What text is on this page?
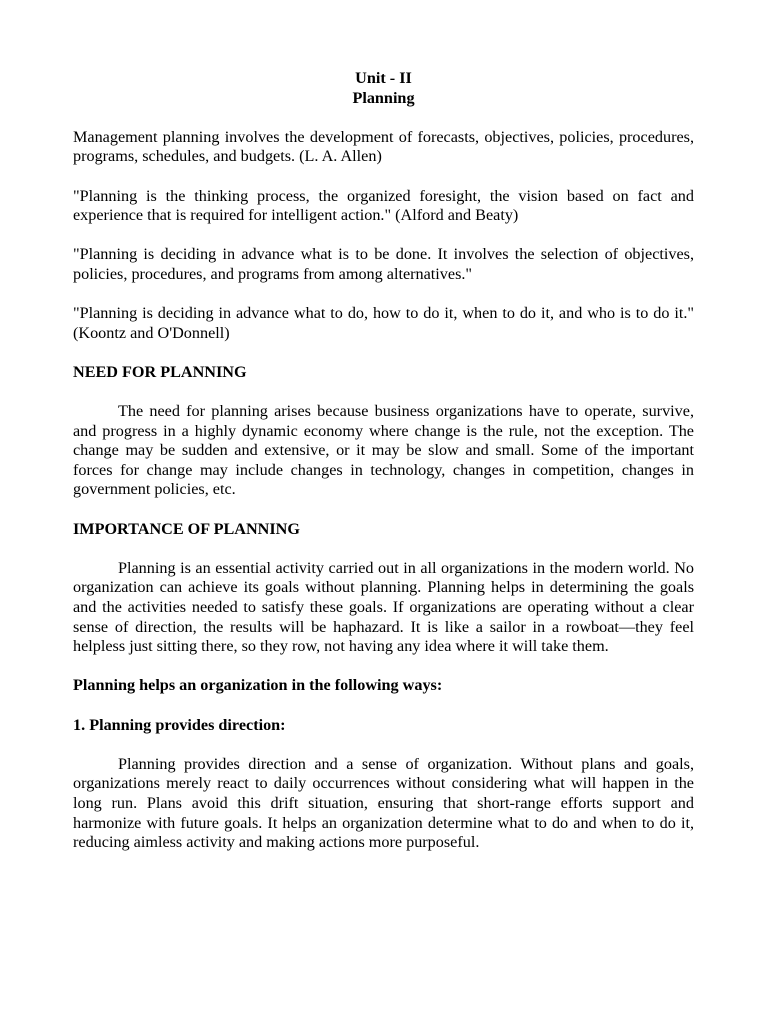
Unit - II
Planning

Management planning involves the development of forecasts, objectives, policies, procedures, programs, schedules, and budgets. (L. A. Allen)

"Planning is the thinking process, the organized foresight, the vision based on fact and experience that is required for intelligent action." (Alford and Beaty)

"Planning is deciding in advance what is to be done. It involves the selection of objectives, policies, procedures, and programs from among alternatives."

"Planning is deciding in advance what to do, how to do it, when to do it, and who is to do it." (Koontz and O'Donnell)

NEED FOR PLANNING

The need for planning arises because business organizations have to operate, survive, and progress in a highly dynamic economy where change is the rule, not the exception. The change may be sudden and extensive, or it may be slow and small. Some of the important forces for change may include changes in technology, changes in competition, changes in government policies, etc.

IMPORTANCE OF PLANNING

Planning is an essential activity carried out in all organizations in the modern world. No organization can achieve its goals without planning. Planning helps in determining the goals and the activities needed to satisfy these goals. If organizations are operating without a clear sense of direction, the results will be haphazard. It is like a sailor in a rowboat—they feel helpless just sitting there, so they row, not having any idea where it will take them.

Planning helps an organization in the following ways:
1. Planning provides direction:

Planning provides direction and a sense of organization. Without plans and goals, organizations merely react to daily occurrences without considering what will happen in the long run. Plans avoid this drift situation, ensuring that short-range efforts support and harmonize with future goals. It helps an organization determine what to do and when to do it, reducing aimless activity and making actions more purposeful.
